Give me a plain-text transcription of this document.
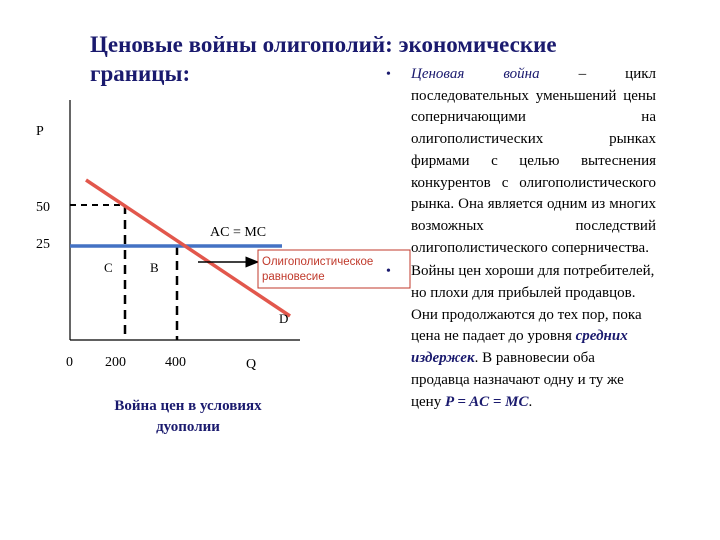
Ценовые войны олигополий: экономические
границы:
Олигополистическое
равновесие
P
50
25
AC = MC
C	B
D
0 200	400	Q
Война цен в условиях
дуополии
• Ценовая война – цикл последовательных уменьшений цены соперничающими на олигополистических рынках фирмами с целью вытеснения конкурентов с олигополистического рынка. Она является одним из многих возможных последствий олигополистического соперничества.
• Войны цен хороши для потребителей, но плохи для прибылей продавцов. Они продолжаются до тех пор, пока цена не падает до уровня средних издержек. В равновесии оба продавца назначают одну и ту же цену P = AC = MC.
